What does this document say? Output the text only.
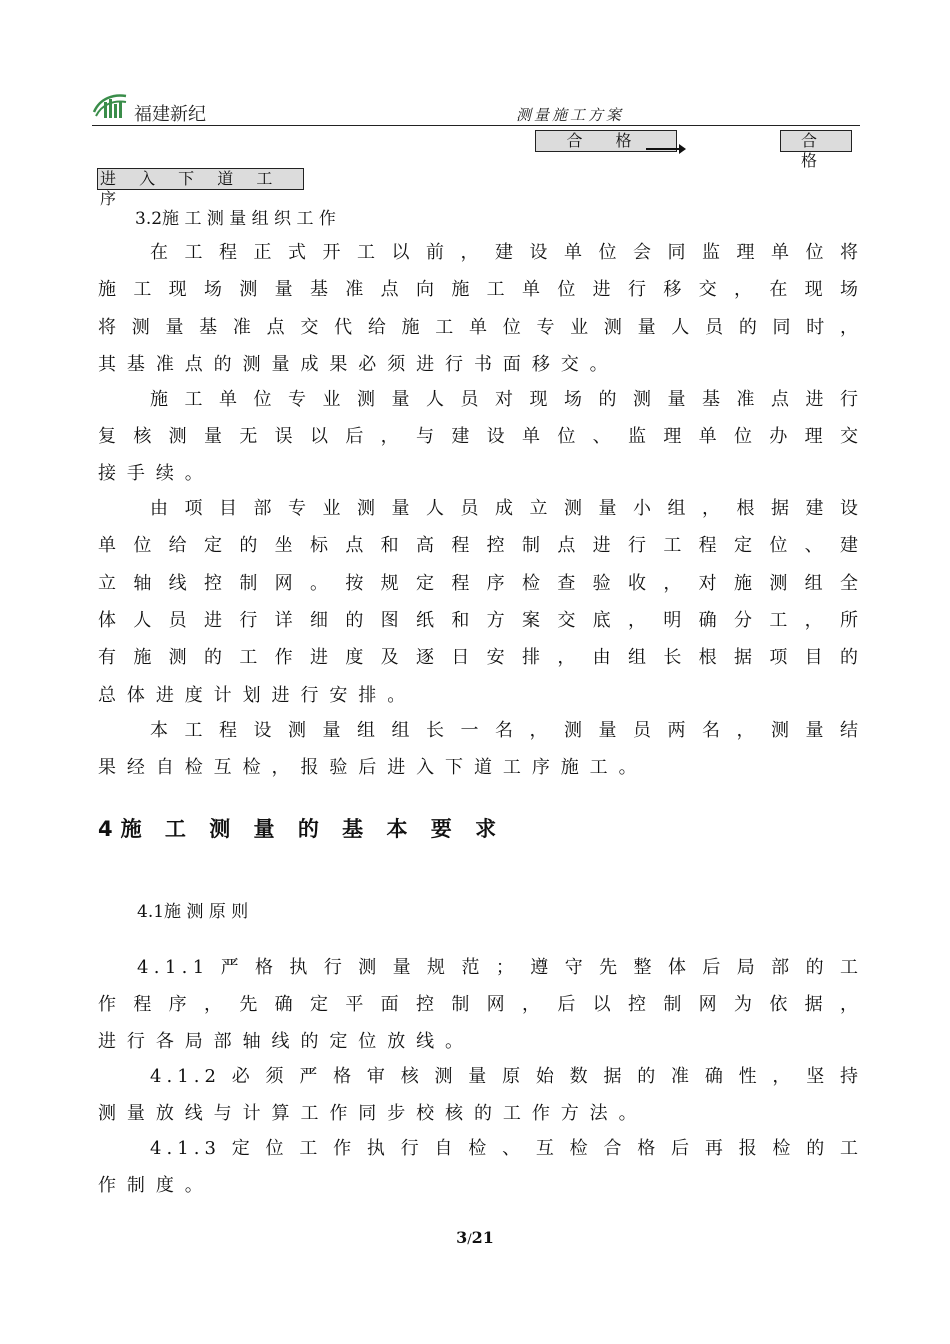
福建新纪	测量施工方案
合 格	合 格
进 入 下 道 工 序
3.2施 工 测 量 组 织 工 作
在 工 程 正 式 开 工 以 前 ， 建 设 单 位 会 同 监 理 单 位 将
施 工 现 场 测 量 基 准 点 向 施 工 单 位 进 行 移 交 ， 在 现 场
将 测 量 基 准 点 交 代 给 施 工 单 位 专 业 测 量 人 员 的 同 时 ，
其 基 准 点 的 测 量 成 果 必 须 进 行 书 面 移 交 。
施 工 单 位 专 业 测 量 人 员 对 现 场 的 测 量 基 准 点 进 行
复 核 测 量 无 误 以 后 ， 与 建 设 单 位 、 监 理 单 位 办 理 交
接 手 续 。
由 项 目 部 专 业 测 量 人 员 成 立 测 量 小 组 ， 根 据 建 设
单 位 给 定 的 坐 标 点 和 高 程 控 制 点 进 行 工 程 定 位 、 建
立 轴 线 控 制 网 。 按 规 定 程 序 检 查 验 收 ， 对 施 测 组 全
体 人 员 进 行 详 细 的 图 纸 和 方 案 交 底 ， 明 确 分 工 ， 所
有 施 测 的 工 作 进 度 及 逐 日 安 排 ， 由 组 长 根 据 项 目 的
总 体 进 度 计 划 进 行 安 排 。
本 工 程 设 测 量 组 组 长 一 名 ， 测 量 员 两 名 ， 测 量 结
果 经 自 检 互 检 ， 报 验 后 进 入 下 道 工 序 施 工 。
4施 工 测 量 的 基 本 要 求
4.1施 测 原 则
4.1.1 严 格 执 行 测 量 规 范 ； 遵 守 先 整 体 后 局 部 的 工
作 程 序 ， 先 确 定 平 面 控 制 网 ， 后 以 控 制 网 为 依 据 ，
进 行 各 局 部 轴 线 的 定 位 放 线 。
4.1.2 必 须 严 格 审 核 测 量 原 始 数 据 的 准 确 性 ， 坚 持
测 量 放 线 与 计 算 工 作 同 步 校 核 的 工 作 方 法 。
4.1.3 定 位 工 作 执 行 自 检 、 互 检 合 格 后 再 报 检 的 工
作 制 度 。
3/21
